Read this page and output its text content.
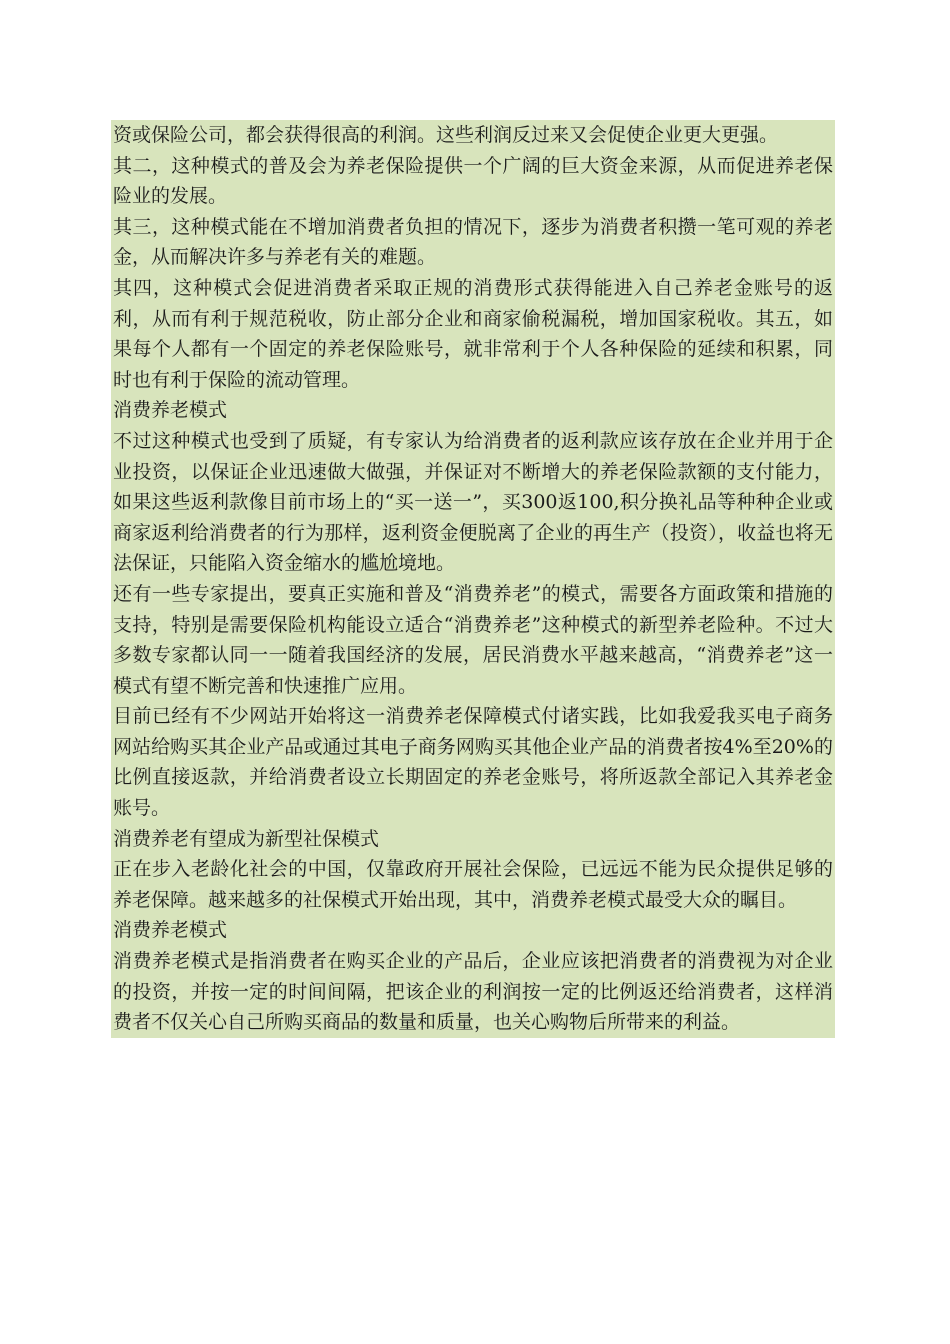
资或保险公司，都会获得很高的利润。这些利润反过来又会促使企业更大更强。

其二，这种模式的普及会为养老保险提供一个广阔的巨大资金来源，从而促进养老保险业的发展。

其三，这种模式能在不增加消费者负担的情况下，逐步为消费者积攒一笔可观的养老金，从而解决许多与养老有关的难题。

其四，这种模式会促进消费者采取正规的消费形式获得能进入自己养老金账号的返利，从而有利于规范税收，防止部分企业和商家偷税漏税，增加国家税收。其五，如果每个人都有一个固定的养老保险账号，就非常利于个人各种保险的延续和积累，同时也有利于保险的流动管理。

消费养老模式

不过这种模式也受到了质疑，有专家认为给消费者的返利款应该存放在企业并用于企业投资，以保证企业迅速做大做强，并保证对不断增大的养老保险款额的支付能力，如果这些返利款像目前市场上的“买一送一”，买300返100,积分换礼品等种种企业或商家返利给消费者的行为那样，返利资金便脱离了企业的再生产（投资），收益也将无法保证，只能陷入资金缩水的尴尬境地。

还有一些专家提出，要真正实施和普及“消费养老”的模式，需要各方面政策和措施的支持，特别是需要保险机构能设立适合“消费养老”这种模式的新型养老险种。不过大多数专家都认同一一随着我国经济的发展，居民消费水平越来越高，“消费养老”这一模式有望不断完善和快速推广应用。

目前已经有不少网站开始将这一消费养老保障模式付诸实践，比如我爱我买电子商务网站给购买其企业产品或通过其电子商务网购买其他企业产品的消费者按4%至20%的比例直接返款，并给消费者设立长期固定的养老金账号，将所返款全部记入其养老金账号。

消费养老有望成为新型社保模式

正在步入老龄化社会的中国，仅靠政府开展社会保险，已远远不能为民众提供足够的养老保障。越来越多的社保模式开始出现，其中，消费养老模式最受大众的瞩目。

消费养老模式

消费养老模式是指消费者在购买企业的产品后，企业应该把消费者的消费视为对企业的投资，并按一定的时间间隔，把该企业的利润按一定的比例返还给消费者，这样消费者不仅关心自己所购买商品的数量和质量，也关心购物后所带来的利益。
